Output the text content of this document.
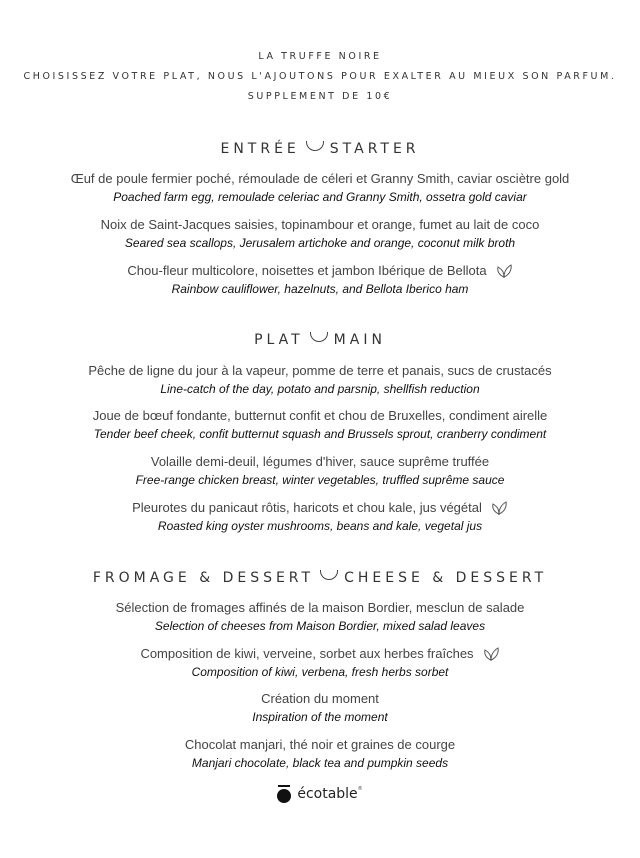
LA TRUFFE NOIRE
CHOISISSEZ VOTRE PLAT, NOUS L'AJOUTONS POUR EXALTER AU MIEUX SON PARFUM.
SUPPLEMENT DE 10€
ENTRÉE STARTER
Œuf de poule fermier poché, rémoulade de céleri et Granny Smith, caviar osciètre gold
Poached farm egg, remoulade celeriac and Granny Smith, ossetra gold caviar
Noix de Saint-Jacques saisies, topinambour et orange, fumet au lait de coco
Seared sea scallops, Jerusalem artichoke and orange, coconut milk broth
Chou-fleur multicolore, noisettes et jambon Ibérique de Bellota
Rainbow cauliflower, hazelnuts, and Bellota Iberico ham
PLAT MAIN
Pêche de ligne du jour à la vapeur, pomme de terre et panais, sucs de crustacés
Line-catch of the day, potato and parsnip, shellfish reduction
Joue de bœuf fondante, butternut confit et chou de Bruxelles, condiment airelle
Tender beef cheek, confit butternut squash and Brussels sprout, cranberry condiment
Volaille demi-deuil, légumes d'hiver, sauce suprême truffée
Free-range chicken breast, winter vegetables, truffled suprême sauce
Pleurotes du panicaut rôtis, haricots et chou kale, jus végétal
Roasted king oyster mushrooms, beans and kale, vegetal jus
FROMAGE & DESSERT CHEESE & DESSERT
Sélection de fromages affinés de la maison Bordier, mesclun de salade
Selection of cheeses from Maison Bordier, mixed salad leaves
Composition de kiwi, verveine, sorbet aux herbes fraîches
Composition of kiwi, verbena, fresh herbs sorbet
Création du moment
Inspiration of the moment
Chocolat manjari, thé noir et graines de courge
Manjari chocolate, black tea and pumpkin seeds
écotable®
